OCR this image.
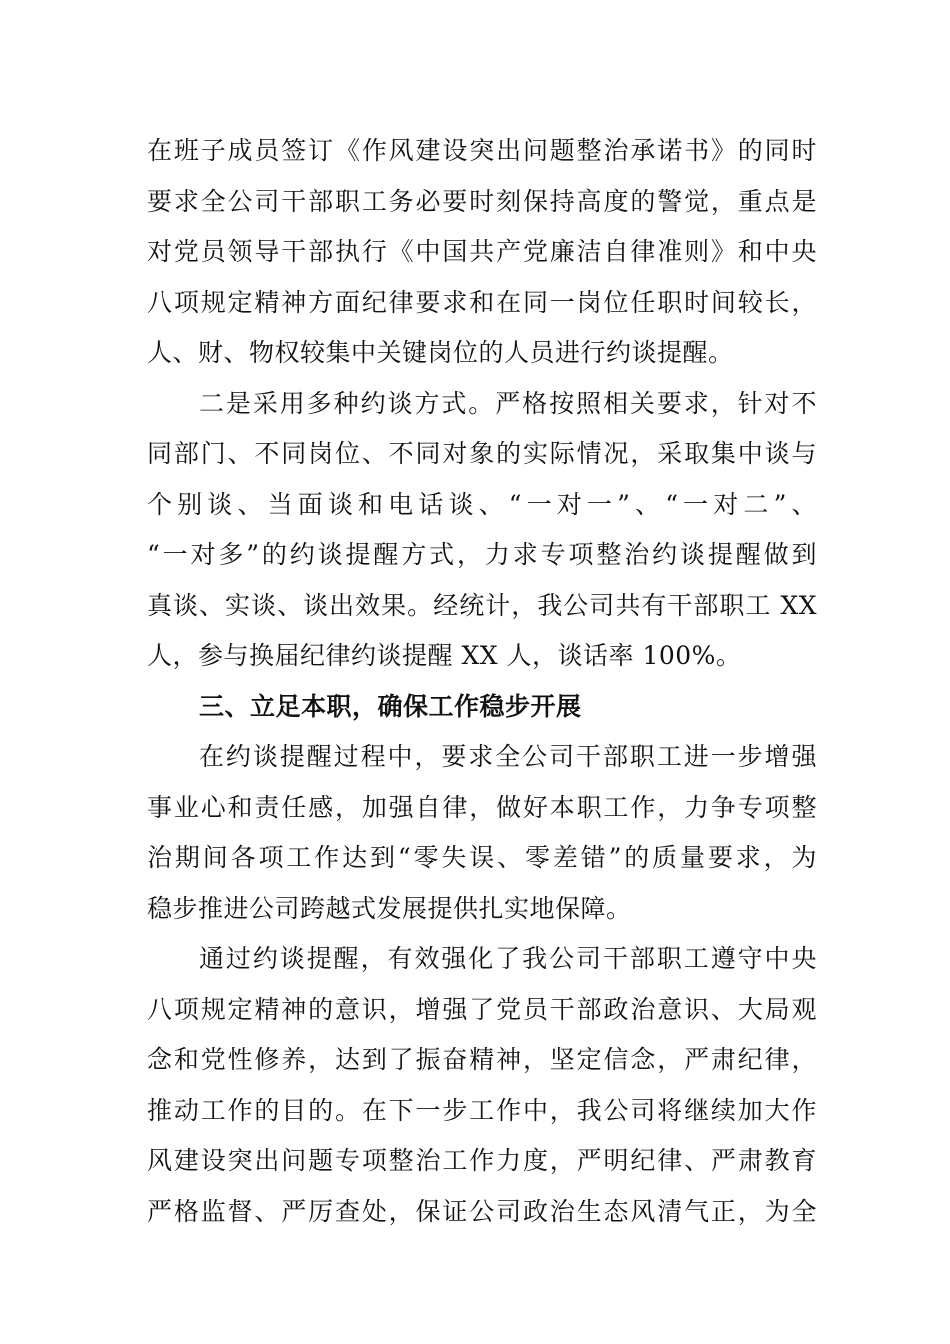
在班子成员签订《作风建设突出问题整治承诺书》的同时
要求全公司干部职工务必要时刻保持高度的警觉，重点是
对党员领导干部执行《中国共产党廉洁自律准则》和中央
八项规定精神方面纪律要求和在同一岗位任职时间较长，
人、财、物权较集中关键岗位的人员进行约谈提醒。
二是采用多种约谈方式。严格按照相关要求，针对不
同部门、不同岗位、不同对象的实际情况，采取集中谈与
个别谈、当面谈和电话谈、“一对一”、“一对二”、
“一对多”的约谈提醒方式，力求专项整治约谈提醒做到
真谈、实谈、谈出效果。经统计，我公司共有干部职工 XX
人，参与换届纪律约谈提醒 XX 人，谈话率 100%。
三、立足本职，确保工作稳步开展
在约谈提醒过程中，要求全公司干部职工进一步增强
事业心和责任感，加强自律，做好本职工作，力争专项整
治期间各项工作达到“零失误、零差错”的质量要求，为
稳步推进公司跨越式发展提供扎实地保障。
通过约谈提醒，有效强化了我公司干部职工遵守中央
八项规定精神的意识，增强了党员干部政治意识、大局观
念和党性修养，达到了振奋精神，坚定信念，严肃纪律，
推动工作的目的。在下一步工作中，我公司将继续加大作
风建设突出问题专项整治工作力度，严明纪律、严肃教育
严格监督、严厉查处，保证公司政治生态风清气正，为全
